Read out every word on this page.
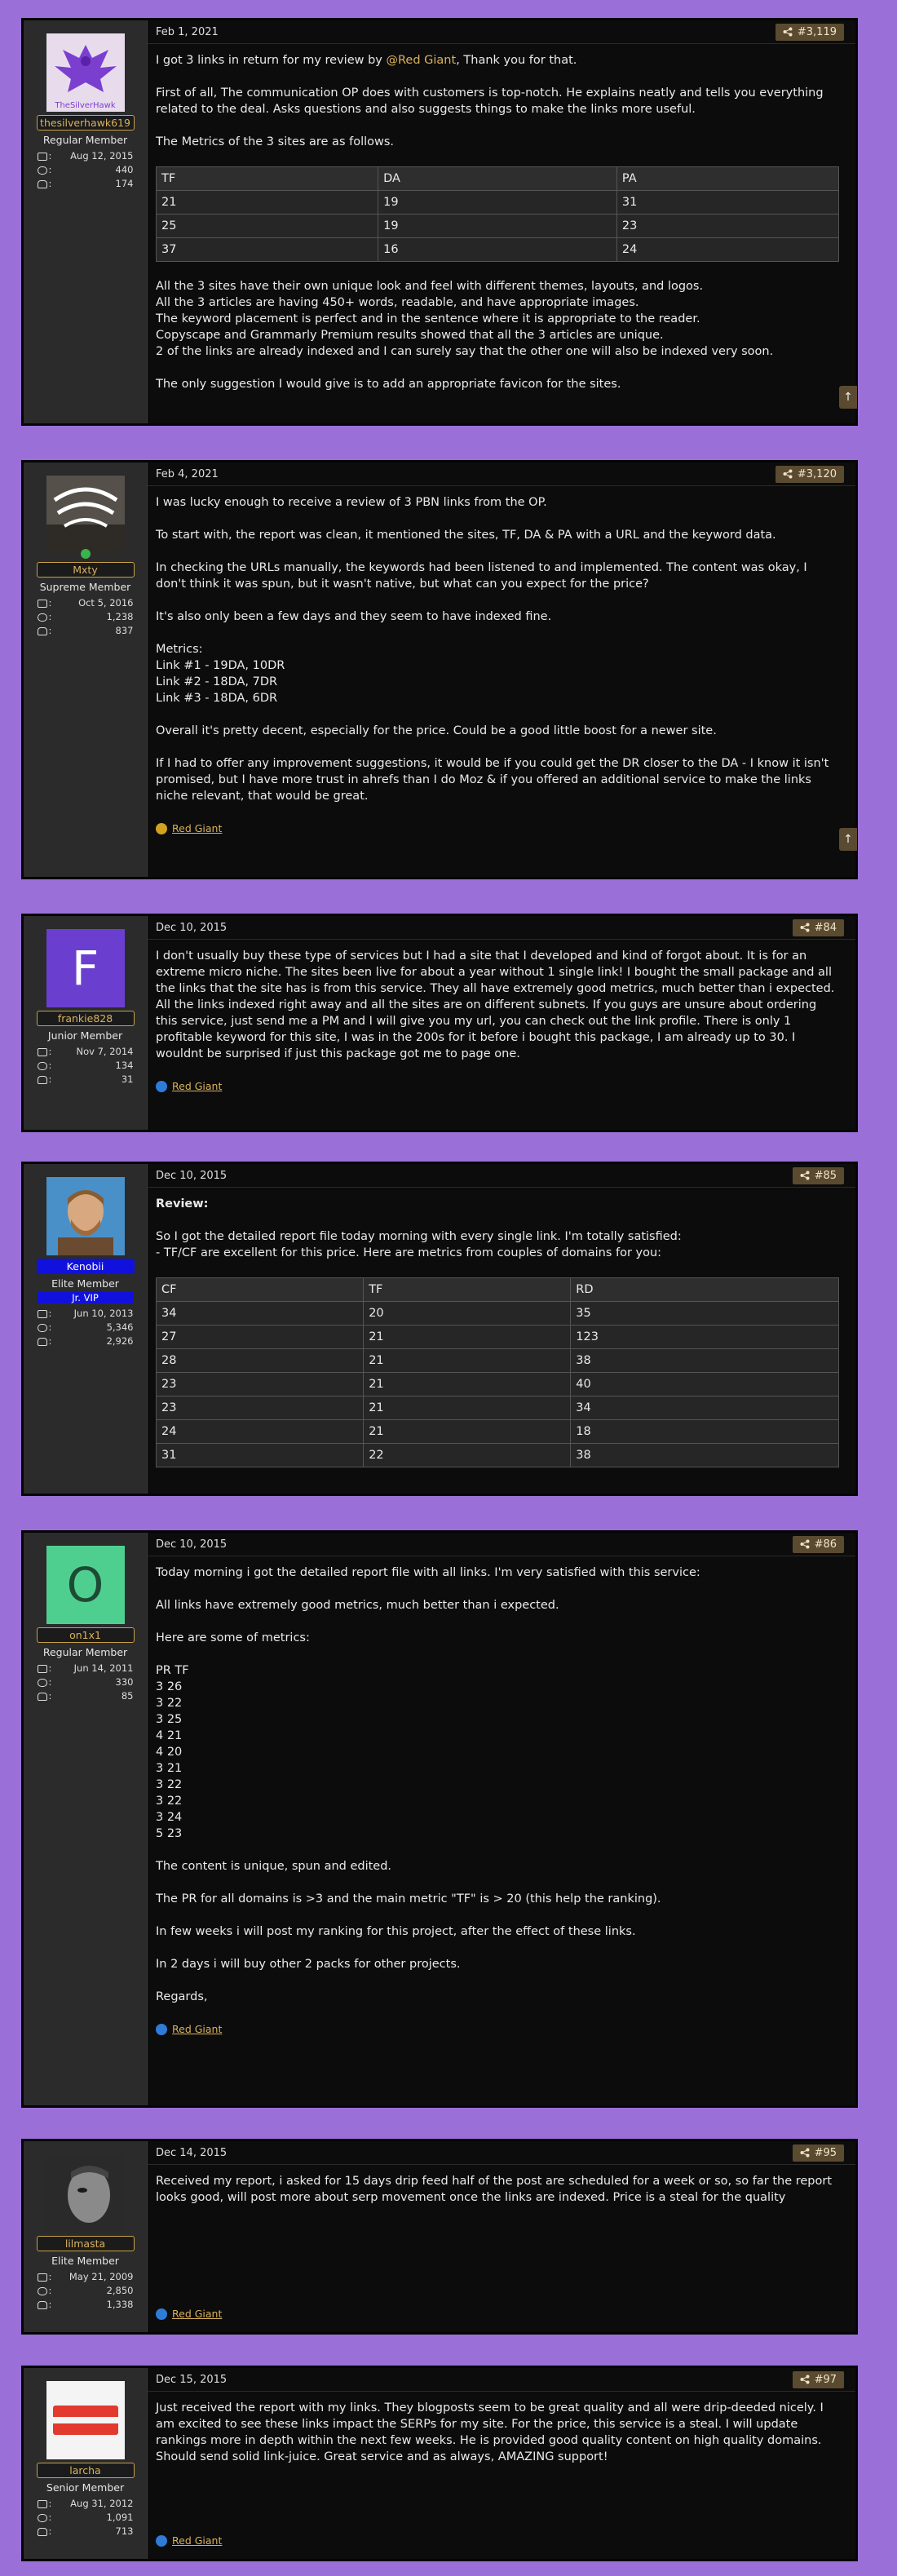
TheSilverHawk
thesilverhawk619
Regular Member
: Aug 12, 2015
:	440
:	174
Feb 1, 2021	#3,119

I got 3 links in return for my review by @Red Giant, Thank you for that.

First of all, The communication OP does with customers is top-notch. He explains neatly and tells you everything related to the deal. Asks questions and also suggests things to make the links more useful.

The Metrics of the 3 sites are as follows.

TF	DA	PA
21	19	31
25	19	23
37	16	24

All the 3 sites have their own unique look and feel with different themes, layouts, and logos.
All the 3 articles are having 450+ words, readable, and have appropriate images.
The keyword placement is perfect and in the sentence where it is appropriate to the reader.
Copyscape and Grammarly Premium results showed that all the 3 articles are unique.
2 of the links are already indexed and I can surely say that the other one will also be indexed very soon.

The only suggestion I would give is to add an appropriate favicon for the sites.

↑
Mxty
Supreme Member
:	Oct 5, 2016
:	1,238
:	837
Feb 4, 2021	#3,120

I was lucky enough to receive a review of 3 PBN links from the OP.

To start with, the report was clean, it mentioned the sites, TF, DA & PA with a URL and the keyword data.

In checking the URLs manually, the keywords had been listened to and implemented. The content was okay, I don't think it was spun, but it wasn't native, but what can you expect for the price?

It's also only been a few days and they seem to have indexed fine.

Metrics:
Link #1 - 19DA, 10DR
Link #2 - 18DA, 7DR
Link #3 - 18DA, 6DR

Overall it's pretty decent, especially for the price. Could be a good little boost for a newer site.

If I had to offer any improvement suggestions, it would be if you could get the DR closer to the DA - I know it isn't promised, but I have more trust in ahrefs than I do Moz & if you offered an additional service to make the links niche relevant, that would be great.

Red Giant
↑
F
frankie828
Junior Member
:	Nov 7, 2014
:	134
:	31
Dec 10, 2015	#84

I don't usually buy these type of services but I had a site that I developed and kind of forgot about. It is for an extreme micro niche. The sites been live for about a year without 1 single link! I bought the small package and all the links that the site has is from this service. They all have extremely good metrics, much better than i expected. All the links indexed right away and all the sites are on different subnets. If you guys are unsure about ordering this service, just send me a PM and I will give you my url, you can check out the link profile. There is only 1 profitable keyword for this site, I was in the 200s for it before i bought this package, I am already up to 30. I wouldnt be surprised if just this package got me to page one.

Red Giant
Kenobii
Elite Member
Jr. VIP
: Jun 10, 2013
:	5,346
:	2,926
Dec 10, 2015	#85

Review:

So I got the detailed report file today morning with every single link. I'm totally satisfied:
- TF/CF are excellent for this price. Here are metrics from couples of domains for you:

CF	TF	RD
34	20	35
27	21	123
28	21	38
23	21	40
23	21	34
24	21	18
31	22	38
O
on1x1
Regular Member
: Jun 14, 2011
:	330
:	85
Dec 10, 2015	#86

Today morning i got the detailed report file with all links. I'm very satisfied with this service:

All links have extremely good metrics, much better than i expected.

Here are some of metrics:

PR TF
3 26
3 22
3 25
4 21
4 20
3 21
3 22
3 22
3 24
5 23

The content is unique, spun and edited.

The PR for all domains is >3 and the main metric "TF" is > 20 (this help the ranking).

In few weeks i will post my ranking for this project, after the effect of these links.

In 2 days i will buy other 2 packs for other projects.

Regards,

Red Giant
lilmasta
Elite Member
: May 21, 2009
:	2,850
:	1,338
Dec 14, 2015	#95

Received my report, i asked for 15 days drip feed half of the post are scheduled for a week or so, so far the report looks good, will post more about serp movement once the links are indexed. Price is a steal for the quality

Red Giant
larcha
Senior Member
: Aug 31, 2012
:	1,091
:	713
Dec 15, 2015	#97

Just received the report with my links. They blogposts seem to be great quality and all were drip-deeded nicely. I am excited to see these links impact the SERPs for my site. For the price, this service is a steal. I will update rankings more in depth within the next few weeks. He is provided good quality content on high quality domains. Should send solid link-juice. Great service and as always, AMAZING support!

Red Giant
